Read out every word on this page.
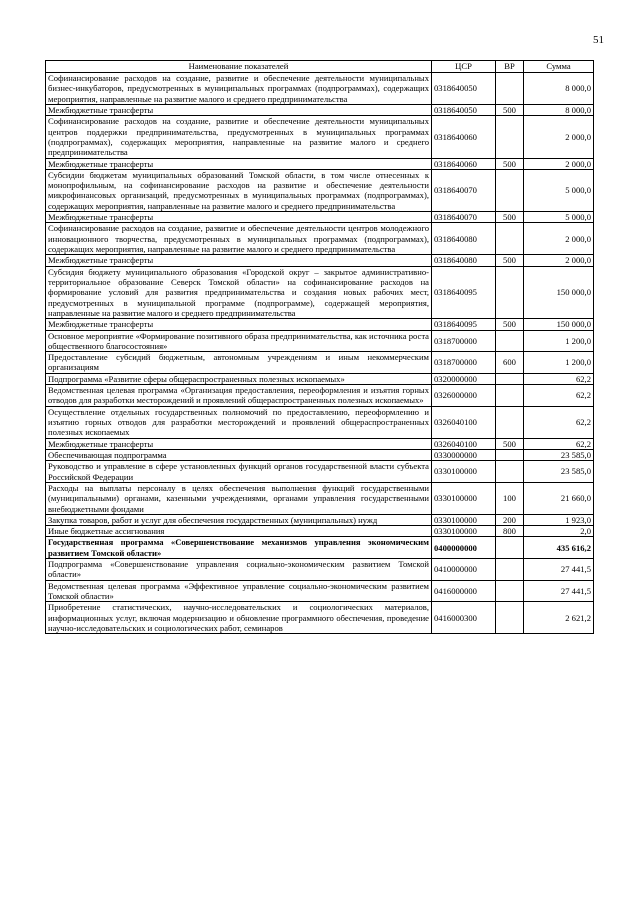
51
Наименование показателей	ЦСР	ВР	Сумма
Софинансирование расходов на создание, развитие и обеспечение деятельности муниципальных бизнес-инкубаторов, предусмотренных в муниципальных программах (подпрограммах), содержащих мероприятия, направленные на развитие малого и среднего предпринимательства	0318640050		8 000,0
Межбюджетные трансферты	0318640050	500	8 000,0
Софинансирование расходов на создание, развитие и обеспечение деятельности муниципальных центров поддержки предпринимательства, предусмотренных в муниципальных программах (подпрограммах), содержащих мероприятия, направленные на развитие малого и среднего предпринимательства	0318640060		2 000,0
Межбюджетные трансферты	0318640060	500	2 000,0
Субсидии бюджетам муниципальных образований Томской области, в том числе отнесенных к монопрофильным, на софинансирование расходов на развитие и обеспечение деятельности микрофинансовых организаций, предусмотренных в муниципальных программах (подпрограммах), содержащих мероприятия, направленные на развитие малого и среднего предпринимательства	0318640070		5 000,0
Межбюджетные трансферты	0318640070	500	5 000,0
Софинансирование расходов на создание, развитие и обеспечение деятельности центров молодежного инновационного творчества, предусмотренных в муниципальных программах (подпрограммах), содержащих мероприятия, направленные на развитие малого и среднего предпринимательства	0318640080		2 000,0
Межбюджетные трансферты	0318640080	500	2 000,0
Субсидия бюджету муниципального образования «Городской округ – закрытое административно-территориальное образование Северск Томской области» на софинансирование расходов на формирование условий для развития предпринимательства и создания новых рабочих мест, предусмотренных в муниципальной программе (подпрограмме), содержащей мероприятия, направленные на развитие малого и среднего предпринимательства	0318640095		150 000,0
Межбюджетные трансферты	0318640095	500	150 000,0
Основное мероприятие «Формирование позитивного образа предпринимательства, как источника роста общественного благосостояния»	0318700000		1 200,0
Предоставление субсидий бюджетным, автономным учреждениям и иным некоммерческим организациям	0318700000	600	1 200,0
Подпрограмма «Развитие сферы общераспространенных полезных ископаемых»	0320000000		62,2
Ведомственная целевая программа «Организация предоставления, переоформления и изъятия горных отводов для разработки месторождений и проявлений общераспространенных полезных ископаемых»	0326000000		62,2
Осуществление отдельных государственных полномочий по предоставлению, переоформлению и изъятию горных отводов для разработки месторождений и проявлений общераспространенных полезных ископаемых	0326040100		62,2
Межбюджетные трансферты	0326040100	500	62,2
Обеспечивающая подпрограмма	0330000000		23 585,0
Руководство и управление в сфере установленных функций органов государственной власти субъекта Российской Федерации	0330100000		23 585,0
Расходы на выплаты персоналу в целях обеспечения выполнения функций государственными (муниципальными) органами, казенными учреждениями, органами управления государственными внебюджетными фондами	0330100000	100	21 660,0
Закупка товаров, работ и услуг для обеспечения государственных (муниципальных) нужд	0330100000	200	1 923,0
Иные бюджетные ассигнования	0330100000	800	2,0
Государственная программа «Совершенствование механизмов управления экономическим развитием Томской области»	0400000000		435 616,2
Подпрограмма «Совершенствование управления социально-экономическим развитием Томской области»	0410000000		27 441,5
Ведомственная целевая программа «Эффективное управление социально-экономическим развитием Томской области»	0416000000		27 441,5
Приобретение статистических, научно-исследовательских и социологических материалов, информационных услуг, включая модернизацию и обновление программного обеспечения, проведение научно-исследовательских и социологических работ, семинаров	0416000300		2 621,2
